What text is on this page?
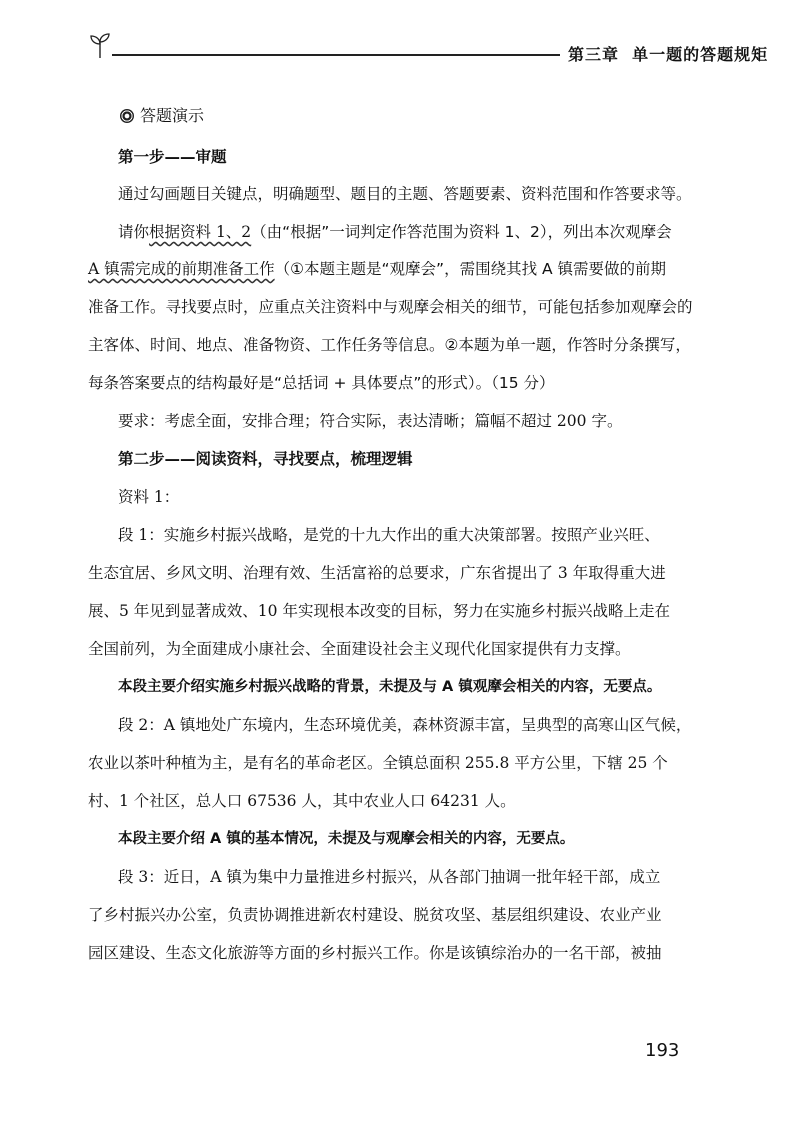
第三章 单一题的答题规矩
答题演示
第一步——审题
通过勾画题目关键点，明确题型、题目的主题、答题要素、资料范围和作答要求等。
请你根据资料 1、2（由“根据”一词判定作答范围为资料 1、2），列出本次观摩会
A 镇需完成的前期准备工作（①本题主题是“观摩会”，需围绕其找 A 镇需要做的前期
准备工作。寻找要点时，应重点关注资料中与观摩会相关的细节，可能包括参加观摩会的
主客体、时间、地点、准备物资、工作任务等信息。②本题为单一题，作答时分条撰写，
每条答案要点的结构最好是“总括词 + 具体要点”的形式）。（15 分）
要求：考虑全面，安排合理；符合实际，表达清晰；篇幅不超过 200 字。
第二步——阅读资料，寻找要点，梳理逻辑
资料 1：
段 1：实施乡村振兴战略，是党的十九大作出的重大决策部署。按照产业兴旺、
生态宜居、乡风文明、治理有效、生活富裕的总要求，广东省提出了 3 年取得重大进
展、5 年见到显著成效、10 年实现根本改变的目标，努力在实施乡村振兴战略上走在
全国前列，为全面建成小康社会、全面建设社会主义现代化国家提供有力支撑。
本段主要介绍实施乡村振兴战略的背景，未提及与 A 镇观摩会相关的内容，无要点。
段 2：A 镇地处广东境内，生态环境优美，森林资源丰富，呈典型的高寒山区气候，
农业以茶叶种植为主，是有名的革命老区。全镇总面积 255.8 平方公里，下辖 25 个
村、1 个社区，总人口 67536 人，其中农业人口 64231 人。
本段主要介绍 A 镇的基本情况，未提及与观摩会相关的内容，无要点。
段 3：近日，A 镇为集中力量推进乡村振兴，从各部门抽调一批年轻干部，成立
了乡村振兴办公室，负责协调推进新农村建设、脱贫攻坚、基层组织建设、农业产业
园区建设、生态文化旅游等方面的乡村振兴工作。你是该镇综治办的一名干部，被抽
193
